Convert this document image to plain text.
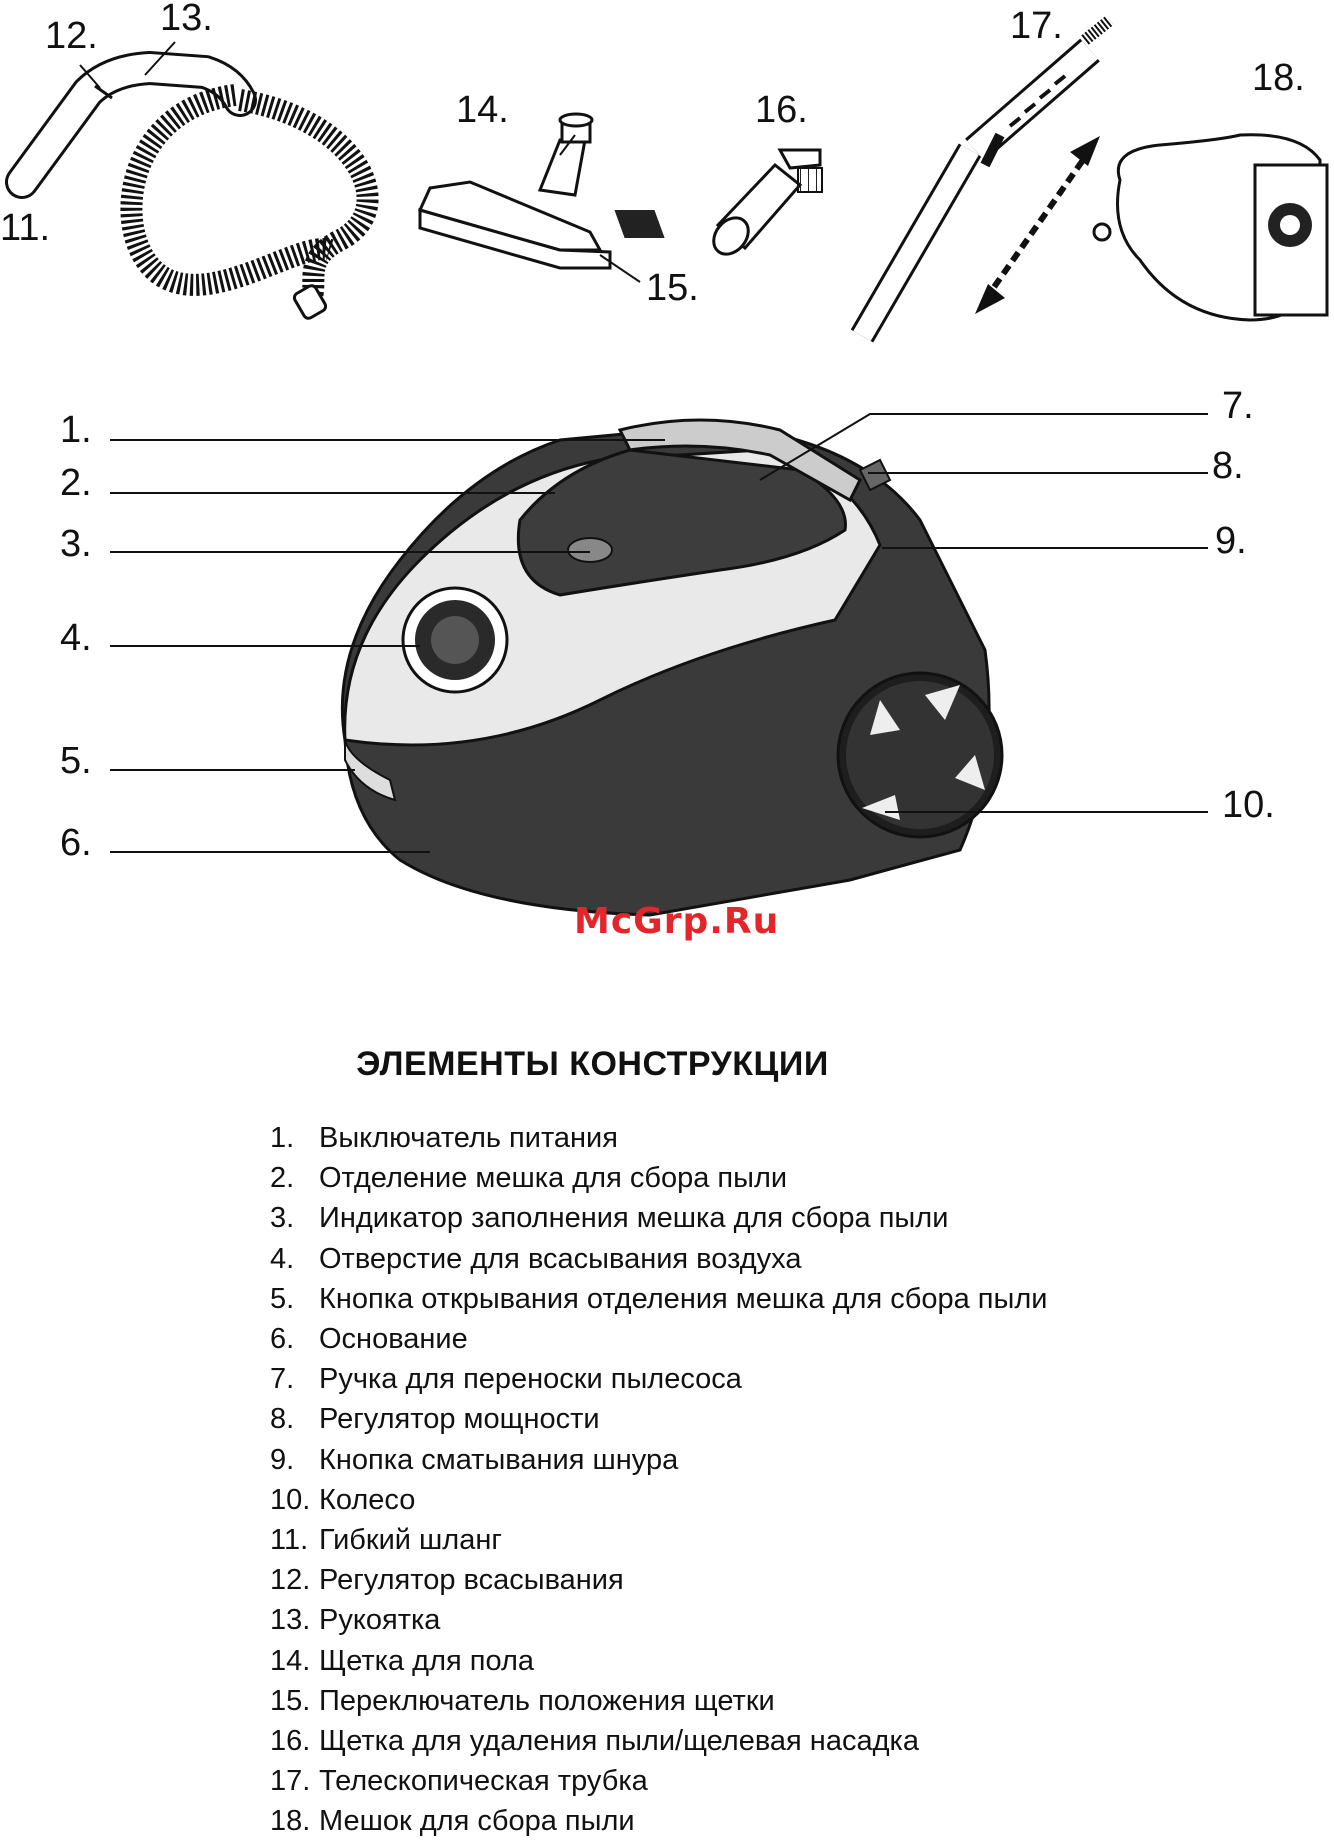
1.
2.
3.
4.
5.
6.
7.
8.
9.
10.
11.
12. 13.
14.
15.
16.
17.
18.
McGrp.Ru
ЭЛЕМЕНТЫ КОНСТРУКЦИИ
1. Выключатель питания
2. Отделение мешка для сбора пыли
3. Индикатор заполнения мешка для сбора пыли
4. Отверстие для всасывания воздуха
5. Кнопка открывания отделения мешка для сбора пыли
6. Основание
7. Ручка для переноски пылесоса
8. Регулятор мощности
9. Кнопка сматывания шнура
10. Колесо
11. Гибкий шланг
12. Регулятор всасывания
13. Рукоятка
14. Щетка для пола
15. Переключатель положения щетки
16. Щетка для удаления пыли/щелевая насадка
17. Телескопическая трубка
18. Мешок для сбора пыли
